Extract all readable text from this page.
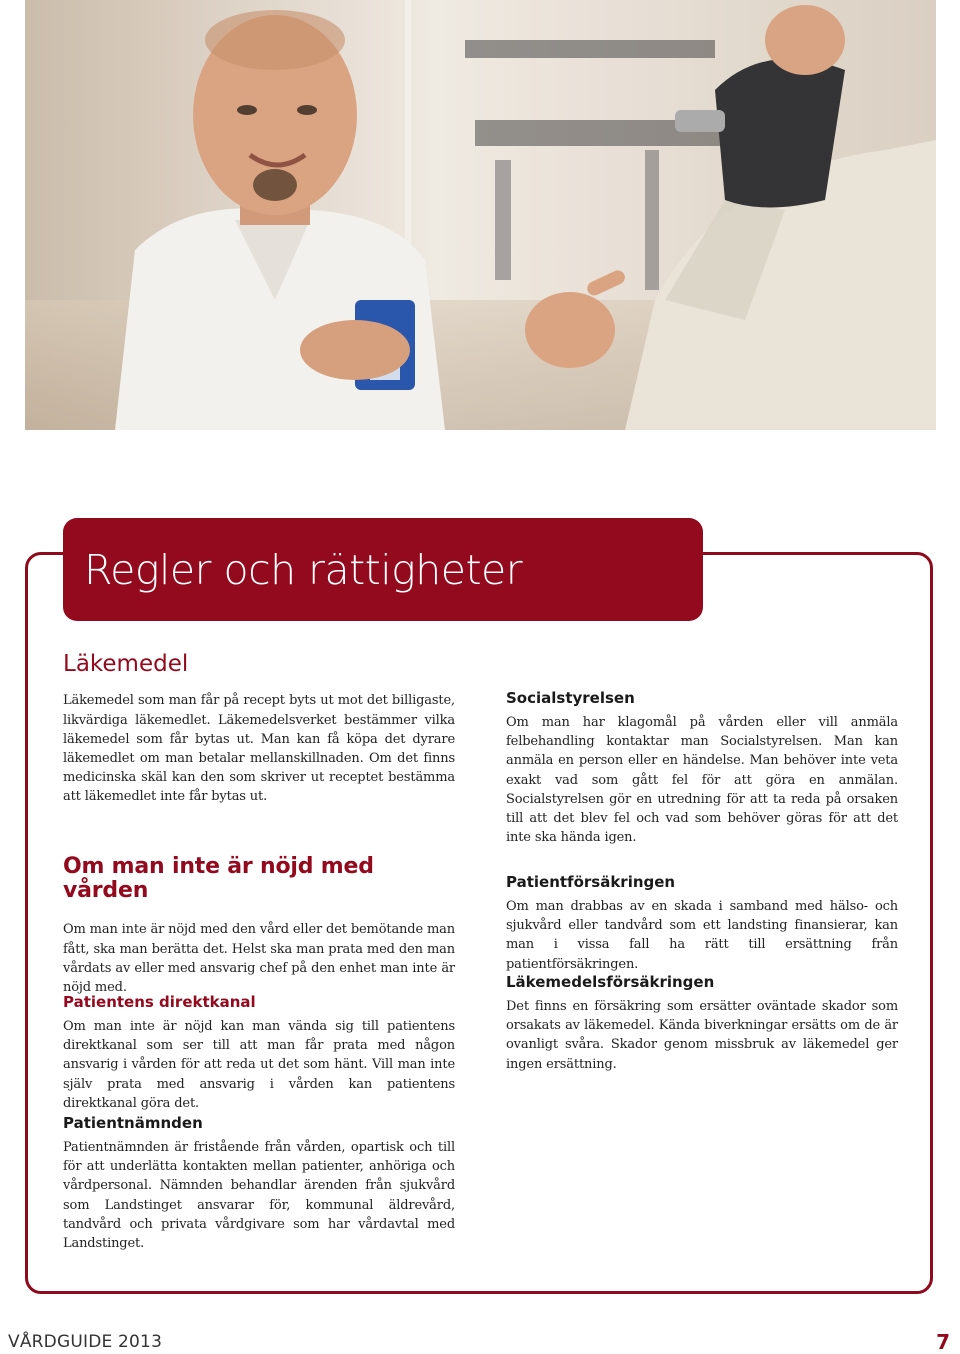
Regler och rättigheter
Läkemedel

Läkemedel som man får på recept byts ut mot det billigaste, likvärdiga läkemedlet. Läkemedelsverket bestämmer vilka läkemedel som får bytas ut. Man kan få köpa det dyrare läkemedlet om man betalar mellanskillnaden. Om det finns medicinska skäl kan den som skriver ut receptet bestämma att läkemedlet inte får bytas ut.

Om man inte är nöjd med vården

Om man inte är nöjd med den vård eller det bemötande man fått, ska man berätta det. Helst ska man prata med den man vårdats av eller med ansvarig chef på den enhet man inte är nöjd med.

Patientens direktkanal

Om man inte är nöjd kan man vända sig till patientens direktkanal som ser till att man får prata med någon ansvarig i vården för att reda ut det som hänt. Vill man inte själv prata med ansvarig i vården kan patientens direktkanal göra det.

Patientnämnden

Patientnämnden är fristående från vården, opartisk och till för att underlätta kontakten mellan patienter, anhöriga och vårdpersonal. Nämnden behandlar ärenden från sjukvård som Landstinget ansvarar för, kommunal äldrevård, tandvård och privata vårdgivare som har vårdavtal med Landstinget.

Socialstyrelsen

Om man har klagomål på vården eller vill anmäla felbehandling kontaktar man Socialstyrelsen. Man kan anmäla en person eller en händelse. Man behöver inte veta exakt vad som gått fel för att göra en anmälan. Socialstyrelsen gör en utredning för att ta reda på orsaken till att det blev fel och vad som behöver göras för att det inte ska hända igen.

Patientförsäkringen

Om man drabbas av en skada i samband med hälso- och sjukvård eller tandvård som ett landsting finansierar, kan man i vissa fall ha rätt till ersättning från patientförsäkringen.

Läkemedelsförsäkringen

Det finns en försäkring som ersätter oväntade skador som orsakats av läkemedel. Kända biverkningar ersätts om de är ovanligt svåra. Skador genom missbruk av läkemedel ger ingen ersättning.

VÅRDGUIDE 2013	7
